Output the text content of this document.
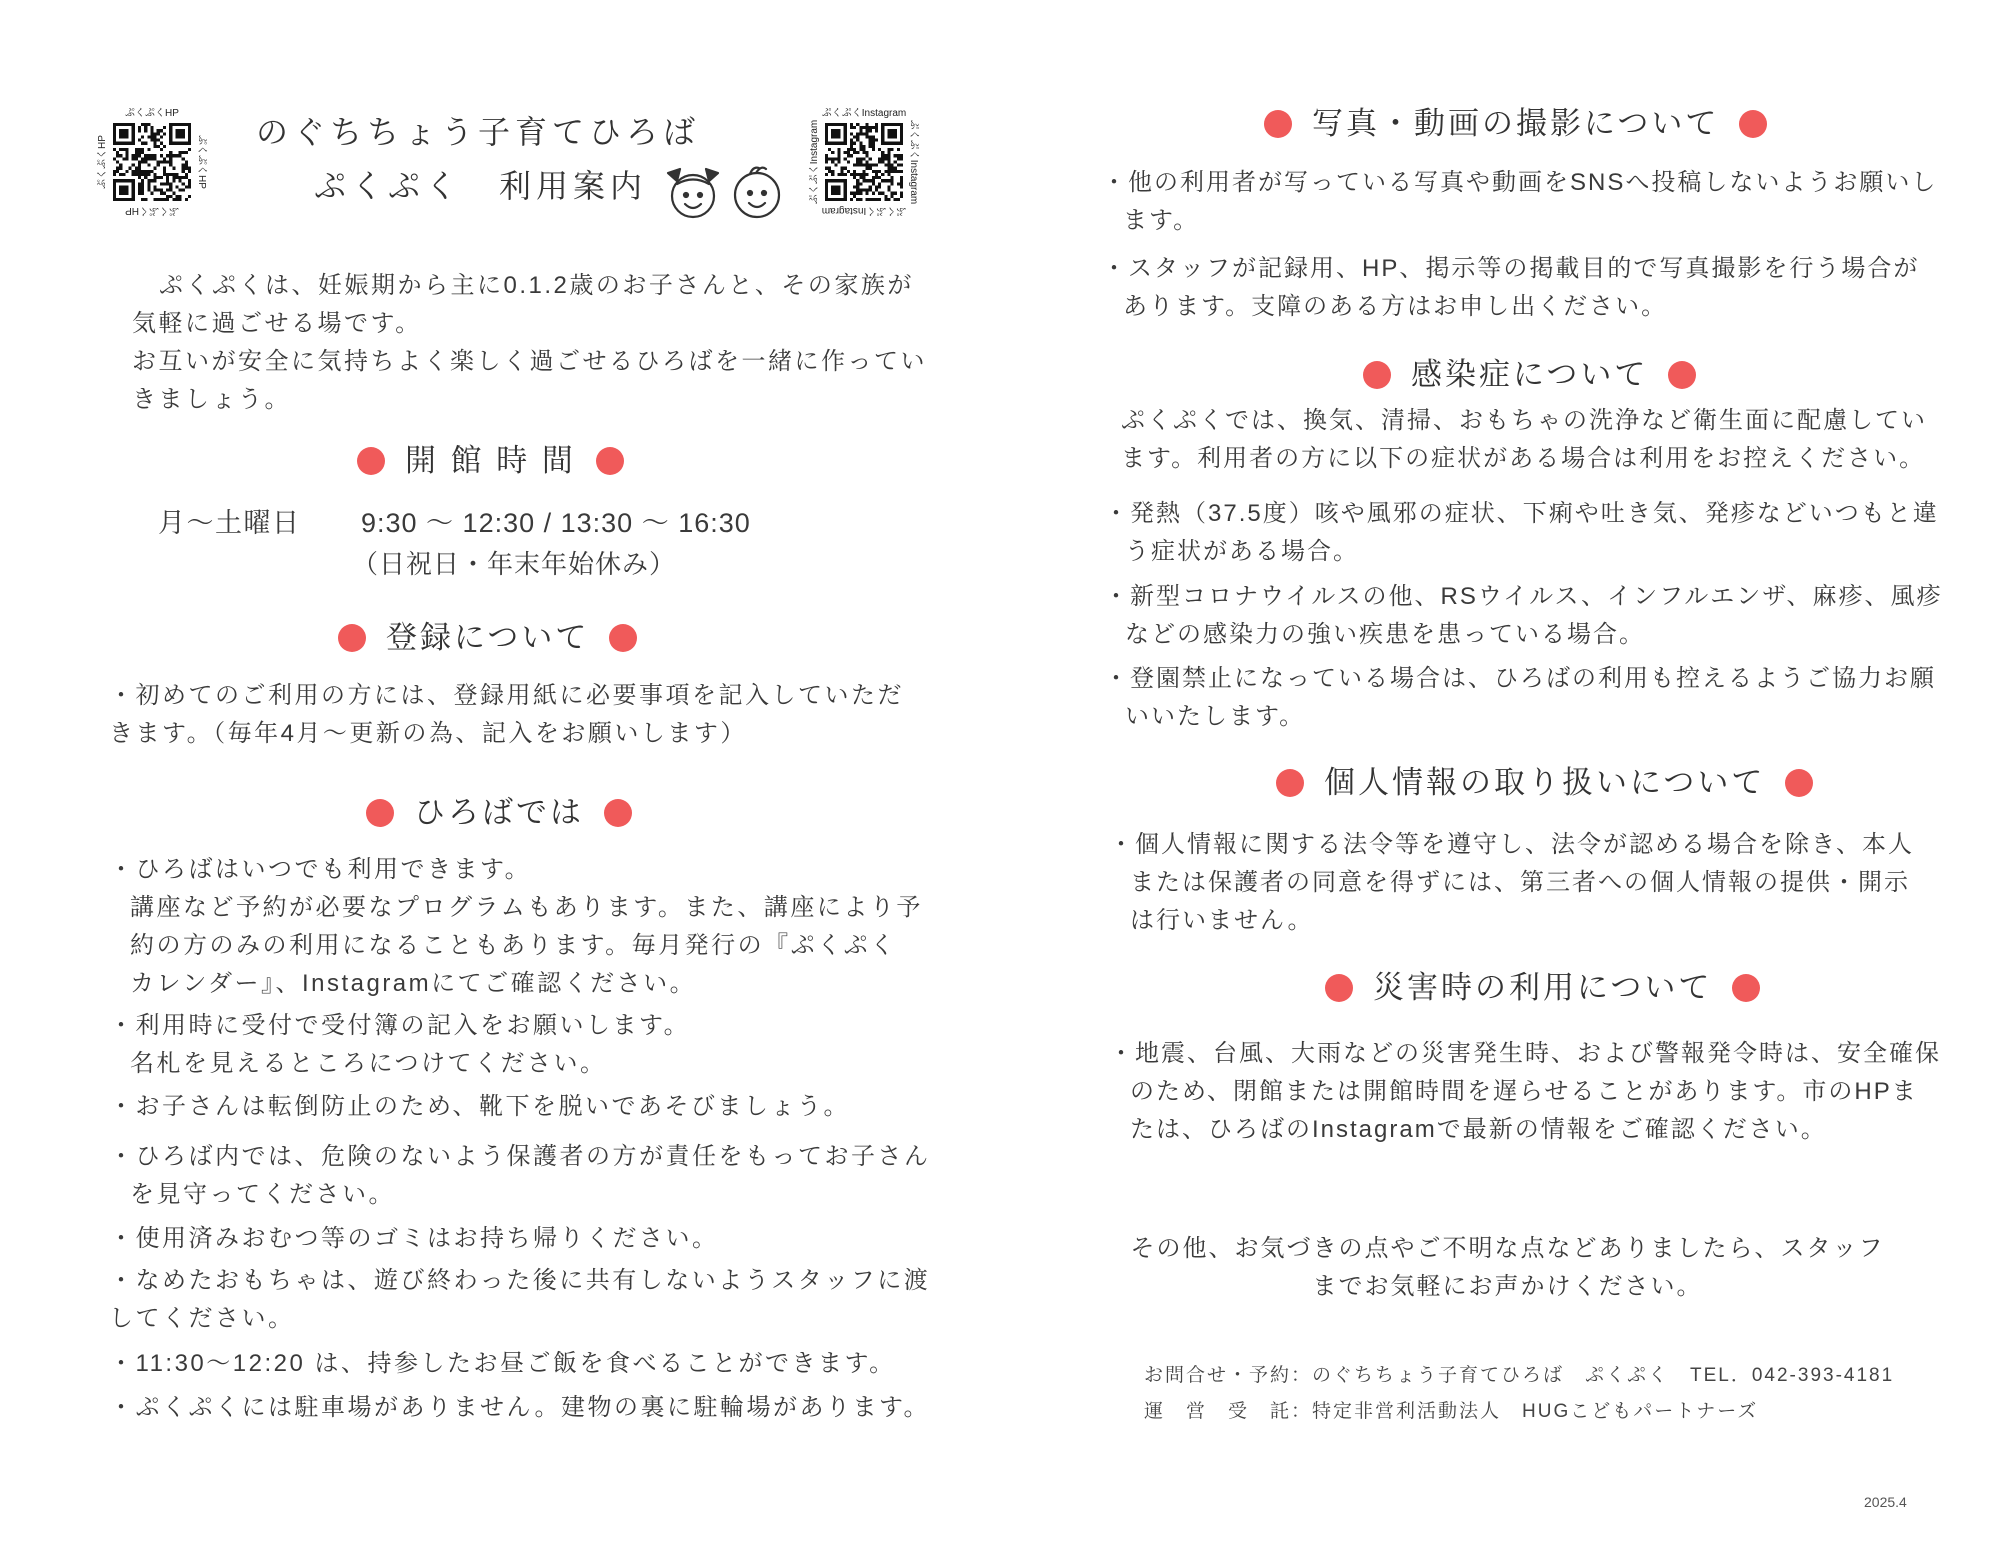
ぷくぷくHP
ぷくぷくHP
ぷくぷくHP
ぷくぷくHP
のぐちちょう子育てひろば
ぷくぷく　利用案内
ぷくぷくInstagram
ぷくぷくInstagram
ぷくぷくInstagram
ぷくぷくInstagram
ぷくぷくは、妊娠期から主に0.1.2歳のお子さんと、その家族が
気軽に過ごせる場です。
お互いが安全に気持ちよく楽しく過ごせるひろばを一緒に作ってい
きましょう。
開 館 時 間
月〜土曜日 9:30 〜 12:30 / 13:30 〜 16:30
（日祝日・年末年始休み）
登録について
・初めてのご利用の方には、登録用紙に必要事項を記入していただ
きます。（毎年4月〜更新の為、記入をお願いします）
ひろばでは
・ひろばはいつでも利用できます。
講座など予約が必要なプログラムもあります。また、講座により予
約の方のみの利用になることもあります。毎月発行の『ぷくぷく
カレンダー』、Instagramにてご確認ください。
・利用時に受付で受付簿の記入をお願いします。
名札を見えるところにつけてください。
・お子さんは転倒防止のため、靴下を脱いであそびましょう。
・ひろば内では、危険のないよう保護者の方が責任をもってお子さん
を見守ってください。
・使用済みおむつ等のゴミはお持ち帰りください。
・なめたおもちゃは、遊び終わった後に共有しないようスタッフに渡
してください。
・11:30〜12:20 は、持参したお昼ご飯を食べることができます。
・ぷくぷくには駐車場がありません。建物の裏に駐輪場があります。
写真・動画の撮影について
・他の利用者が写っている写真や動画をSNSへ投稿しないようお願いし
ます。
・スタッフが記録用、HP、掲示等の掲載目的で写真撮影を行う場合が
あります。支障のある方はお申し出ください。
感染症について
ぷくぷくでは、換気、清掃、おもちゃの洗浄など衛生面に配慮してい
ます。利用者の方に以下の症状がある場合は利用をお控えください。
・発熱（37.5度）咳や風邪の症状、下痢や吐き気、発疹などいつもと違
う症状がある場合。
・新型コロナウイルスの他、RSウイルス、インフルエンザ、麻疹、風疹
などの感染力の強い疾患を患っている場合。
・登園禁止になっている場合は、ひろばの利用も控えるようご協力お願
いいたします。
個人情報の取り扱いについて
・個人情報に関する法令等を遵守し、法令が認める場合を除き、本人
または保護者の同意を得ずには、第三者への個人情報の提供・開示
は行いません。
災害時の利用について
・地震、台風、大雨などの災害発生時、および警報発令時は、安全確保
のため、閉館または開館時間を遅らせることがあります。市のHPま
たは、ひろばのInstagramで最新の情報をご確認ください。
その他、お気づきの点やご不明な点などありましたら、スタッフ
までお気軽にお声かけください。
お問合せ・予約：のぐちちょう子育てひろば　ぷくぷく　TEL．042-393-4181
運　営　受　託：特定非営利活動法人　HUGこどもパートナーズ
2025.4
